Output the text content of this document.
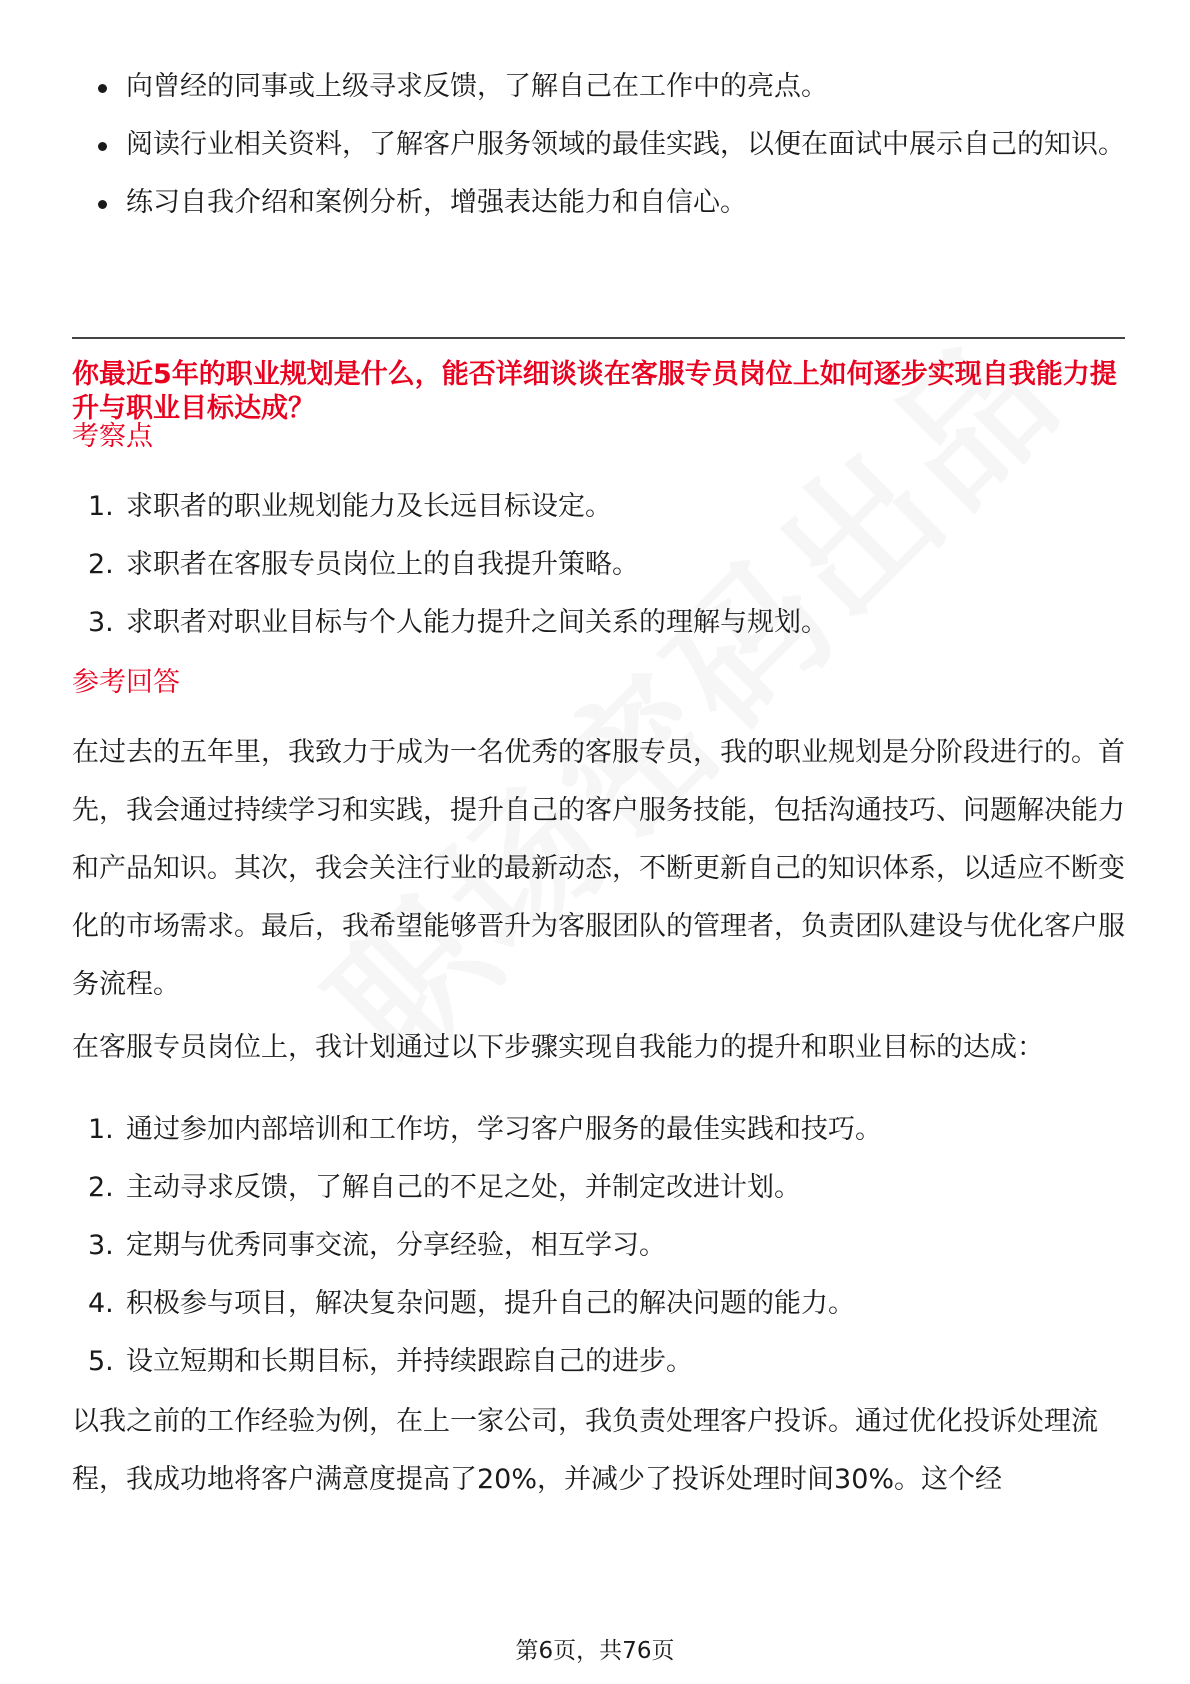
向曾经的同事或上级寻求反馈，了解自己在工作中的亮点。
阅读行业相关资料，了解客户服务领域的最佳实践，以便在面试中展示自己的知识。
练习自我介绍和案例分析，增强表达能力和自信心。
你最近5年的职业规划是什么，能否详细谈谈在客服专员岗位上如何逐步实现自我能力提升与职业目标达成？
考察点
1. 求职者的职业规划能力及长远目标设定。
2. 求职者在客服专员岗位上的自我提升策略。
3. 求职者对职业目标与个人能力提升之间关系的理解与规划。
参考回答

在过去的五年里，我致力于成为一名优秀的客服专员，我的职业规划是分阶段进行的。首先，我会通过持续学习和实践，提升自己的客户服务技能，包括沟通技巧、问题解决能力和产品知识。其次，我会关注行业的最新动态，不断更新自己的知识体系，以适应不断变化的市场需求。最后，我希望能够晋升为客服团队的管理者，负责团队建设与优化客户服务流程。

在客服专员岗位上，我计划通过以下步骤实现自我能力的提升和职业目标的达成：

1. 通过参加内部培训和工作坊，学习客户服务的最佳实践和技巧。
2. 主动寻求反馈，了解自己的不足之处，并制定改进计划。
3. 定期与优秀同事交流，分享经验，相互学习。
4. 积极参与项目，解决复杂问题，提升自己的解决问题的能力。
5. 设立短期和长期目标，并持续跟踪自己的进步。

以我之前的工作经验为例，在上一家公司，我负责处理客户投诉。通过优化投诉处理流程，我成功地将客户满意度提高了20%，并减少了投诉处理时间30%。这个经

第6页，共76页
